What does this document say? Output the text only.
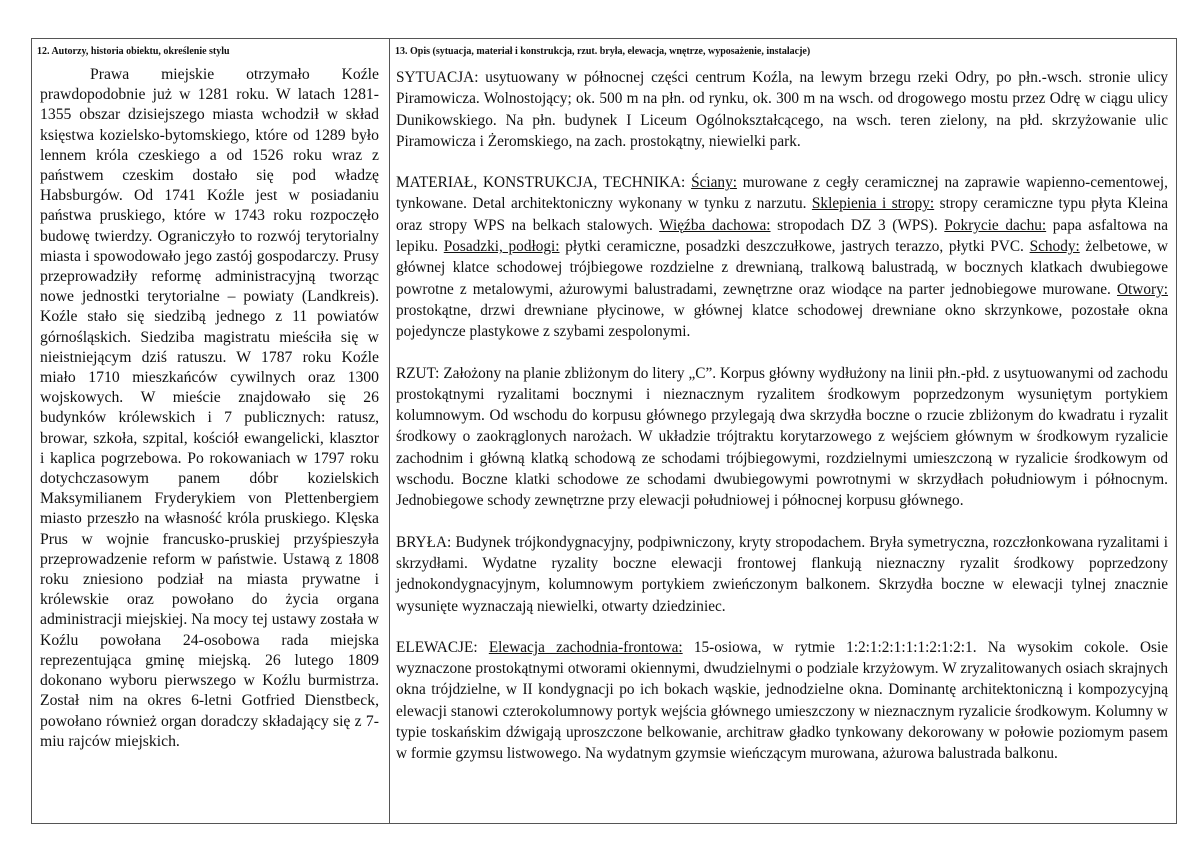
12. Autorzy, historia obiektu, określenie stylu

Prawa miejskie otrzymało Koźle prawdopodobnie już w 1281 roku. W latach 1281-1355 obszar dzisiejszego miasta wchodził w skład księstwa kozielsko-bytomskiego, które od 1289 było lennem króla czeskiego a od 1526 roku wraz z państwem czeskim dostało się pod władzę Habsburgów. Od 1741 Koźle jest w posiadaniu państwa pruskiego, które w 1743 roku rozpoczęło budowę twierdzy. Ograniczyło to rozwój terytorialny miasta i spowodowało jego zastój gospodarczy. Prusy przeprowadziły reformę administracyjną tworząc nowe jednostki terytorialne – powiaty (Landkreis). Koźle stało się siedzibą jednego z 11 powiatów górnośląskich. Siedziba magistratu mieściła się w nieistniejącym dziś ratuszu. W 1787 roku Koźle miało 1710 mieszkańców cywilnych oraz 1300 wojskowych. W mieście znajdowało się 26 budynków królewskich i 7 publicznych: ratusz, browar, szkoła, szpital, kościół ewangelicki, klasztor i kaplica pogrzebowa. Po rokowaniach w 1797 roku dotychczasowym panem dóbr kozielskich Maksymilianem Fryderykiem von Plettenbergiem miasto przeszło na własność króla pruskiego. Klęska Prus w wojnie francusko-pruskiej przyśpieszyła przeprowadzenie reform w państwie. Ustawą z 1808 roku zniesiono podział na miasta prywatne i królewskie oraz powołano do życia organa administracji miejskiej. Na mocy tej ustawy została w Koźlu powołana 24-osobowa rada miejska reprezentująca gminę miejską. 26 lutego 1809 dokonano wyboru pierwszego w Koźlu burmistrza. Został nim na okres 6-letni Gotfried Dienstbeck, powołano również organ doradczy składający się z 7-miu rajców miejskich.

13. Opis (sytuacja, materiał i konstrukcja, rzut. bryła, elewacja, wnętrze, wyposażenie, instalacje)

SYTUACJA: usytuowany w północnej części centrum Koźla, na lewym brzegu rzeki Odry, po płn.-wsch. stronie ulicy Piramowicza. Wolnostojący; ok. 500 m na płn. od rynku, ok. 300 m na wsch. od drogowego mostu przez Odrę w ciągu ulicy Dunikowskiego. Na płn. budynek I Liceum Ogólnokształcącego, na wsch. teren zielony, na płd. skrzyżowanie ulic Piramowicza i Żeromskiego, na zach. prostokątny, niewielki park.

MATERIAŁ, KONSTRUKCJA, TECHNIKA: Ściany: murowane z cegły ceramicznej na zaprawie wapienno-cementowej, tynkowane. Detal architektoniczny wykonany w tynku z narzutu. Sklepienia i stropy: stropy ceramiczne typu płyta Kleina oraz stropy WPS na belkach stalowych. Więźba dachowa: stropodach DZ 3 (WPS). Pokrycie dachu: papa asfaltowa na lepiku. Posadzki, podłogi: płytki ceramiczne, posadzki deszczułkowe, jastrych terazzo, płytki PVC. Schody: żelbetowe, w głównej klatce schodowej trójbiegowe rozdzielne z drewnianą, tralkową balustradą, w bocznych klatkach dwubiegowe powrotne z metalowymi, ażurowymi balustradami, zewnętrzne oraz wiodące na parter jednobiegowe murowane. Otwory: prostokątne, drzwi drewniane płycinowe, w głównej klatce schodowej drewniane okno skrzynkowe, pozostałe okna pojedyncze plastykowe z szybami zespolonymi.

RZUT: Założony na planie zbliżonym do litery „C”. Korpus główny wydłużony na linii płn.-płd. z usytuowanymi od zachodu prostokątnymi ryzalitami bocznymi i nieznacznym ryzalitem środkowym poprzedzonym wysuniętym portykiem kolumnowym. Od wschodu do korpusu głównego przylegają dwa skrzydła boczne o rzucie zbliżonym do kwadratu i ryzalit środkowy o zaokrąglonych narożach. W układzie trójtraktu korytarzowego z wejściem głównym w środkowym ryzalicie zachodnim i główną klatką schodową ze schodami trójbiegowymi, rozdzielnymi umieszczoną w ryzalicie środkowym od wschodu. Boczne klatki schodowe ze schodami dwubiegowymi powrotnymi w skrzydłach południowym i północnym. Jednobiegowe schody zewnętrzne przy elewacji południowej i północnej korpusu głównego.

BRYŁA: Budynek trójkondygnacyjny, podpiwniczony, kryty stropodachem. Bryła symetryczna, rozczłonkowana ryzalitami i skrzydłami. Wydatne ryzality boczne elewacji frontowej flankują nieznaczny ryzalit środkowy poprzedzony jednokondygnacyjnym, kolumnowym portykiem zwieńczonym balkonem. Skrzydła boczne w elewacji tylnej znacznie wysunięte wyznaczają niewielki, otwarty dziedziniec.

ELEWACJE: Elewacja zachodnia-frontowa: 15-osiowa, w rytmie 1:2:1:2:1:1:1:2:1:2:1. Na wysokim cokole. Osie wyznaczone prostokątnymi otworami okiennymi, dwudzielnymi o podziale krzyżowym. W zryzalitowanych osiach skrajnych okna trójdzielne, w II kondygnacji po ich bokach wąskie, jednodzielne okna. Dominantę architektoniczną i kompozycyjną elewacji stanowi czterokolumnowy portyk wejścia głównego umieszczony w nieznacznym ryzalicie środkowym. Kolumny w typie toskańskim dźwigają uproszczone belkowanie, architraw gładko tynkowany dekorowany w połowie poziomym pasem w formie gzymsu listwowego. Na wydatnym gzymsie wieńczącym murowana, ażurowa balustrada balkonu.
